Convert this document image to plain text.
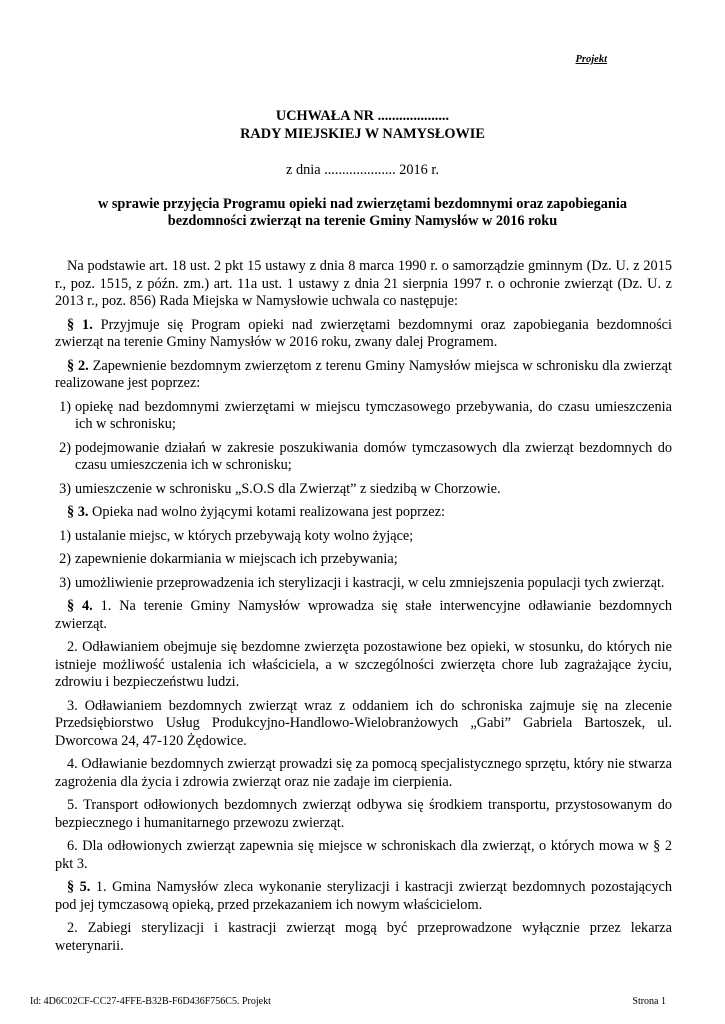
Projekt
UCHWAŁA NR ....................
RADY MIEJSKIEJ W NAMYSŁOWIE
z dnia .................... 2016 r.
w sprawie przyjęcia Programu opieki nad zwierzętami bezdomnymi oraz zapobiegania
bezdomności zwierząt na terenie Gminy Namysłów w 2016 roku

Na podstawie art. 18 ust. 2 pkt 15 ustawy z dnia 8 marca 1990 r. o samorządzie gminnym (Dz. U. z 2015 r., poz. 1515, z późn. zm.) art. 11a ust. 1 ustawy z dnia 21 sierpnia 1997 r. o ochronie zwierząt (Dz. U. z 2013 r., poz. 856) Rada Miejska w Namysłowie uchwala co następuje:

§ 1. Przyjmuje się Program opieki nad zwierzętami bezdomnymi oraz zapobiegania bezdomności zwierząt na terenie Gminy Namysłów w 2016 roku, zwany dalej Programem.

§ 2. Zapewnienie bezdomnym zwierzętom z terenu Gminy Namysłów miejsca w schronisku dla zwierząt realizowane jest poprzez:

1) opiekę nad bezdomnymi zwierzętami w miejscu tymczasowego przebywania, do czasu umieszczenia ich w schronisku;
2) podejmowanie działań w zakresie poszukiwania domów tymczasowych dla zwierząt bezdomnych do czasu umieszczenia ich w schronisku;
3) umieszczenie w schronisku „S.O.S dla Zwierząt” z siedzibą w Chorzowie.

§ 3. Opieka nad wolno żyjącymi kotami realizowana jest poprzez:

1) ustalanie miejsc, w których przebywają koty wolno żyjące;
2) zapewnienie dokarmiania w miejscach ich przebywania;
3) umożliwienie przeprowadzenia ich sterylizacji i kastracji, w celu zmniejszenia populacji tych zwierząt.

§ 4. 1. Na terenie Gminy Namysłów wprowadza się stałe interwencyjne odławianie bezdomnych zwierząt.

2. Odławianiem obejmuje się bezdomne zwierzęta pozostawione bez opieki, w stosunku, do których nie istnieje możliwość ustalenia ich właściciela, a w szczególności zwierzęta chore lub zagrażające życiu, zdrowiu i bezpieczeństwu ludzi.

3. Odławianiem bezdomnych zwierząt wraz z oddaniem ich do schroniska zajmuje się na zlecenie Przedsiębiorstwo Usług Produkcyjno-Handlowo-Wielobranżowych „Gabi” Gabriela Bartoszek, ul. Dworcowa 24, 47-120 Żędowice.

4. Odławianie bezdomnych zwierząt prowadzi się za pomocą specjalistycznego sprzętu, który nie stwarza zagrożenia dla życia i zdrowia zwierząt oraz nie zadaje im cierpienia.

5. Transport odłowionych bezdomnych zwierząt odbywa się środkiem transportu, przystosowanym do bezpiecznego i humanitarnego przewozu zwierząt.

6. Dla odłowionych zwierząt zapewnia się miejsce w schroniskach dla zwierząt, o których mowa w § 2 pkt 3.

§ 5. 1. Gmina Namysłów zleca wykonanie sterylizacji i kastracji zwierząt bezdomnych pozostających pod jej tymczasową opieką, przed przekazaniem ich nowym właścicielom.

2. Zabiegi sterylizacji i kastracji zwierząt mogą być przeprowadzone wyłącznie przez lekarza weterynarii.

Id: 4D6C02CF-CC27-4FFE-B32B-F6D436F756C5. Projekt	Strona 1
